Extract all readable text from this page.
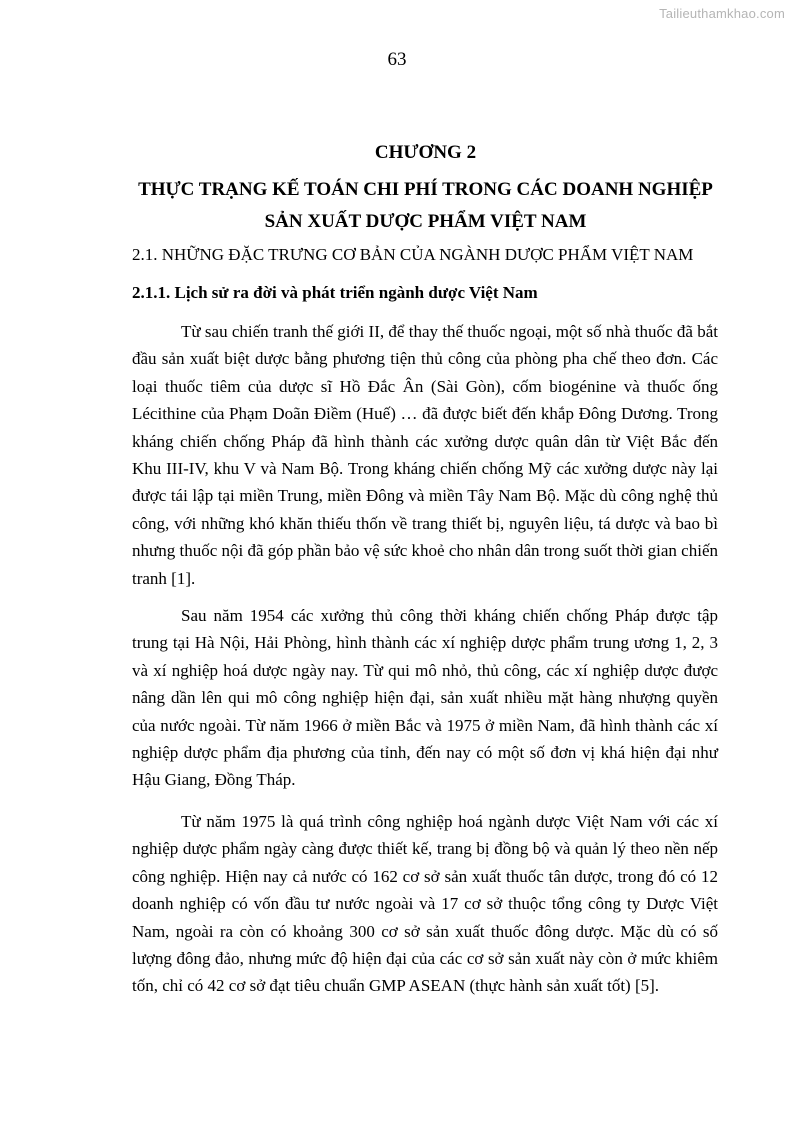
Tailieuthamkhao.com
63
CHƯƠNG 2
THỰC TRẠNG KẾ TOÁN CHI PHÍ TRONG CÁC DOANH NGHIỆP
SẢN XUẤT DƯỢC PHẨM VIỆT NAM
2.1. NHỮNG ĐẶC TRƯNG CƠ BẢN CỦA NGÀNH DƯỢC PHẨM VIỆT NAM
2.1.1. Lịch sử ra đời và phát triển ngành dược Việt Nam

Từ sau chiến tranh thế giới II, để thay thế thuốc ngoại, một số nhà thuốc đã bắt đầu sản xuất biệt dược bằng phương tiện thủ công của phòng pha chế theo đơn. Các loại thuốc tiêm của dược sĩ Hồ Đắc Ân (Sài Gòn), cốm biogénine và thuốc ống Lécithine của Phạm Doãn Điềm (Huế) … đã được biết đến khắp Đông Dương. Trong kháng chiến chống Pháp đã hình thành các xưởng dược quân dân từ Việt Bắc đến Khu III-IV, khu V và Nam Bộ. Trong kháng chiến chống Mỹ các xưởng dược này lại được tái lập tại miền Trung, miền Đông và miền Tây Nam Bộ. Mặc dù công nghệ thủ công, với những khó khăn thiếu thốn về trang thiết bị, nguyên liệu, tá dược và bao bì nhưng thuốc nội đã góp phần bảo vệ sức khoẻ cho nhân dân trong suốt thời gian chiến tranh [1].

Sau năm 1954 các xưởng thủ công thời kháng chiến chống Pháp được tập trung tại Hà Nội, Hải Phòng, hình thành các xí nghiệp dược phẩm trung ương 1, 2, 3 và xí nghiệp hoá dược ngày nay. Từ qui mô nhỏ, thủ công, các xí nghiệp dược được nâng dần lên qui mô công nghiệp hiện đại, sản xuất nhiều mặt hàng nhượng quyền của nước ngoài. Từ năm 1966 ở miền Bắc và 1975 ở miền Nam, đã hình thành các xí nghiệp dược phẩm địa phương của tỉnh, đến nay có một số đơn vị khá hiện đại như Hậu Giang, Đồng Tháp.

Từ năm 1975 là quá trình công nghiệp hoá ngành dược Việt Nam với các xí nghiệp dược phẩm ngày càng được thiết kế, trang bị đồng bộ và quản lý theo nền nếp công nghiệp. Hiện nay cả nước có 162 cơ sở sản xuất thuốc tân dược, trong đó có 12 doanh nghiệp có vốn đầu tư nước ngoài và 17 cơ sở thuộc tổng công ty Dược Việt Nam, ngoài ra còn có khoảng 300 cơ sở sản xuất thuốc đông dược. Mặc dù có số lượng đông đảo, nhưng mức độ hiện đại của các cơ sở sản xuất này còn ở mức khiêm tốn, chỉ có 42 cơ sở đạt tiêu chuẩn GMP ASEAN (thực hành sản xuất tốt) [5].
